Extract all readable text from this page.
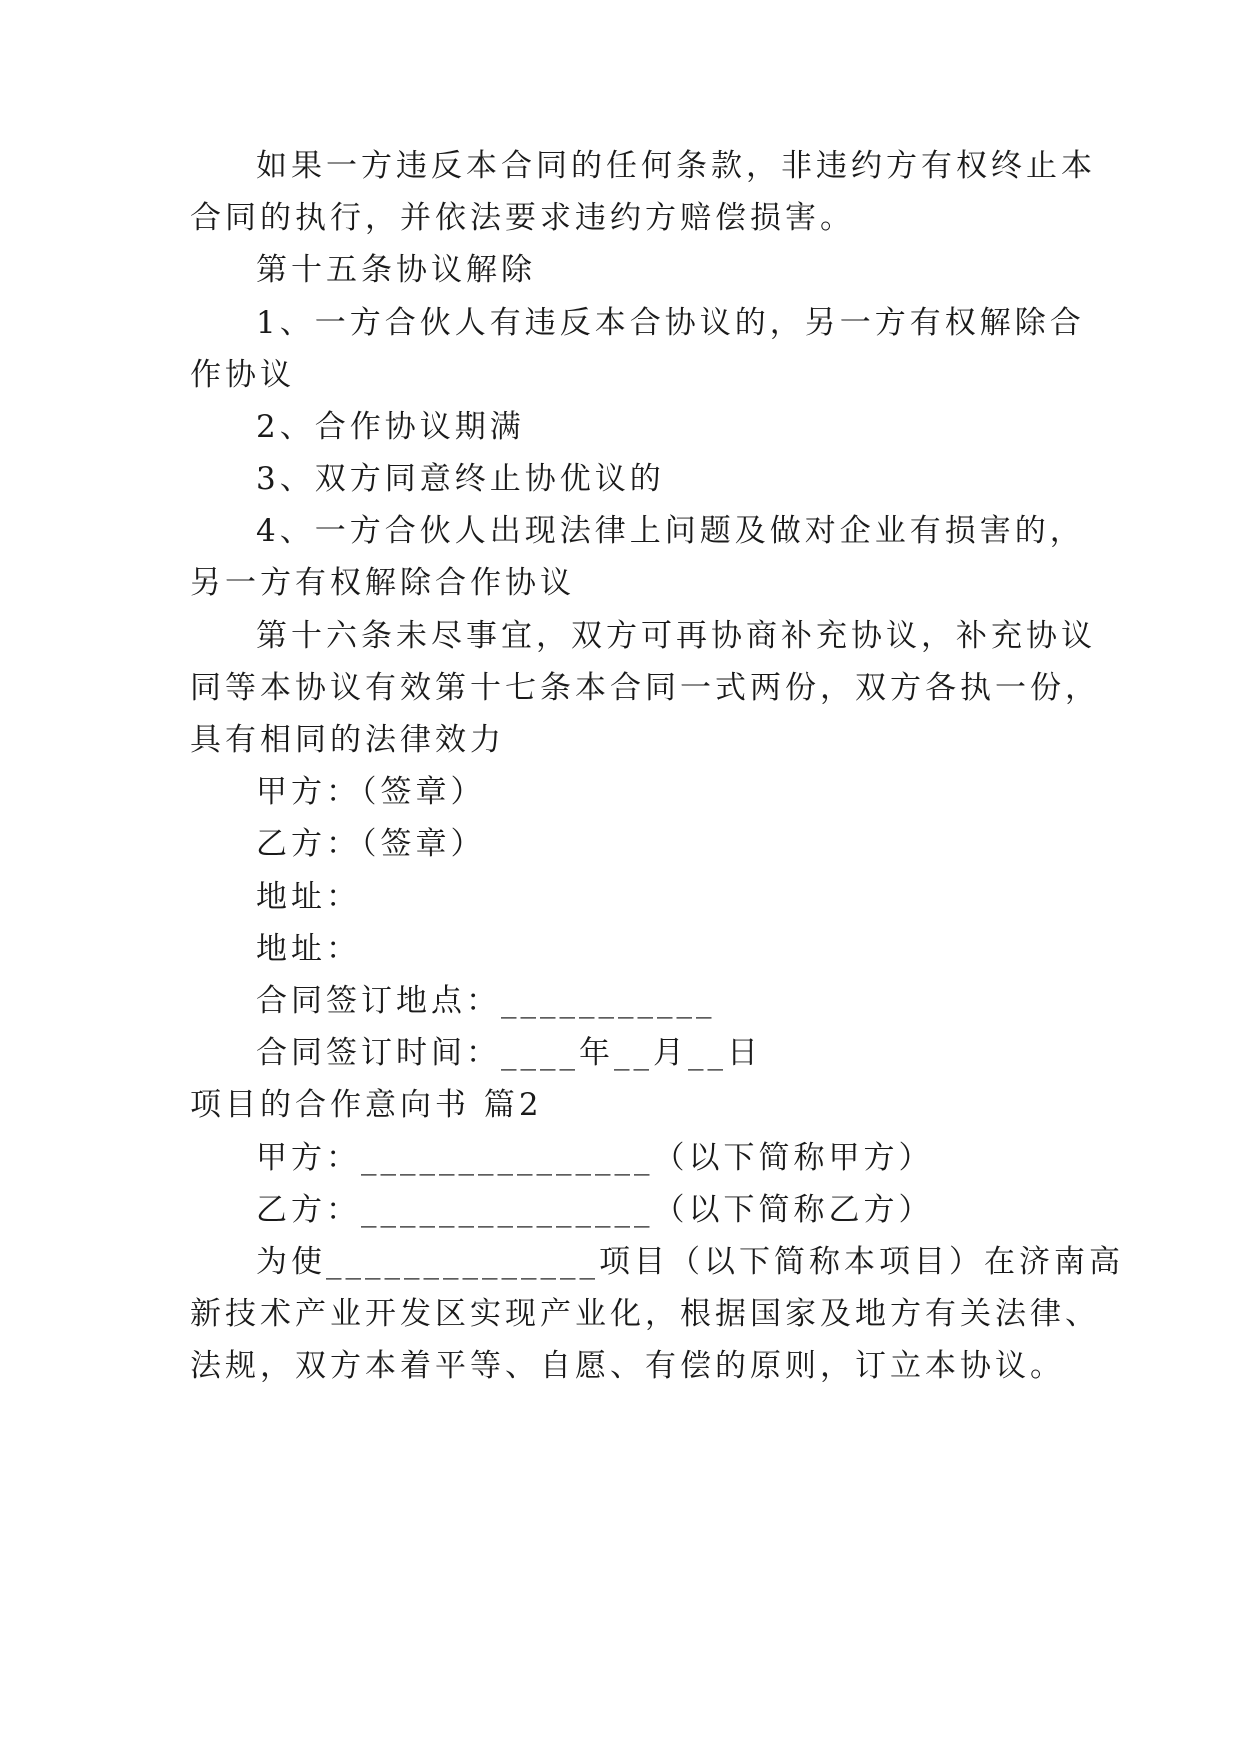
如果一方违反本合同的任何条款，非违约方有权终止本
合同的执行，并依法要求违约方赔偿损害。
第十五条协议解除
1、一方合伙人有违反本合协议的，另一方有权解除合
作协议
2、合作协议期满
3、双方同意终止协优议的
4、一方合伙人出现法律上问题及做对企业有损害的，
另一方有权解除合作协议
第十六条未尽事宜，双方可再协商补充协议，补充协议
同等本协议有效第十七条本合同一式两份，双方各执一份，
具有相同的法律效力
甲方：（签章）
乙方：（签章）
地址：
地址：
合同签订地点：___________
合同签订时间：____年__月__日
项目的合作意向书 篇2
甲方：_______________（以下简称甲方）
乙方：_______________（以下简称乙方）
为使______________项目（以下简称本项目）在济南高
新技术产业开发区实现产业化，根据国家及地方有关法律、
法规，双方本着平等、自愿、有偿的原则，订立本协议。
